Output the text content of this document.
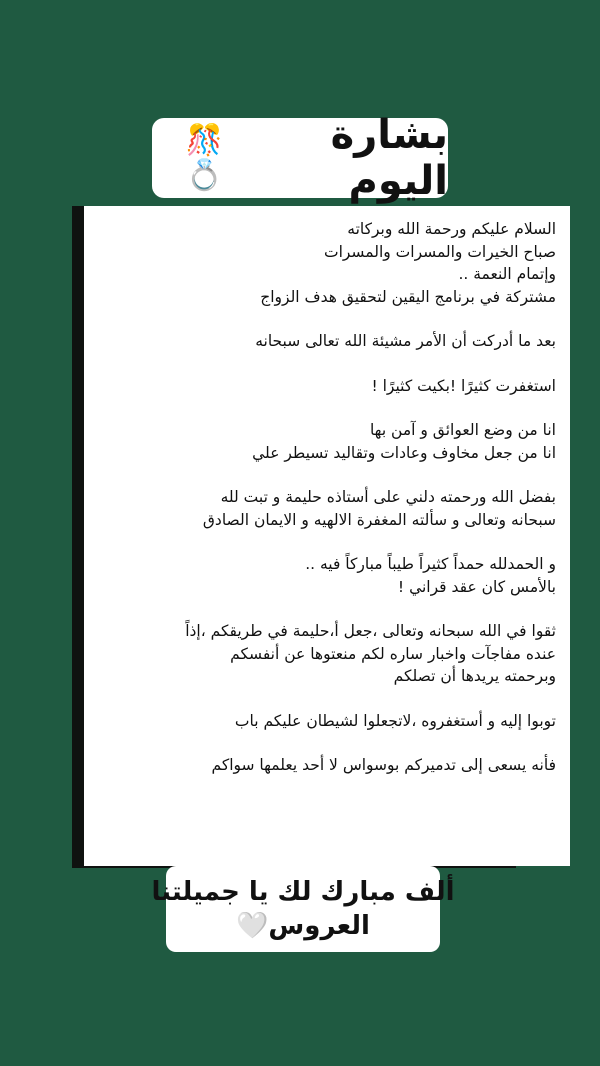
بشارة اليوم
🎊💍
السلام عليكم ورحمة الله وبركاته
صباح الخيرات والمسرات والمسرات
وإتمام النعمة ..
مشتركة في برنامج اليقين لتحقيق هدف الزواج
بعد ما أدركت أن الأمر مشيئة الله تعالى سبحانه
استغفرت كثيرًا !بكيت كثيرًا !
انا من وضع العوائق و آمن بها
انا من جعل مخاوف وعادات وتقاليد تسيطر علي
بفضل الله ورحمته دلني على أستاذه حليمة و تبت لله
سبحانه وتعالى و سألته المغفرة الالهيه و الايمان الصادق
و الحمدلله حمداً كثيراً طيباً مباركاً فيه ..
بالأمس كان عقد قراني !
ثقوا في الله سبحانه وتعالى ،جعل أ،حليمة في طريقكم ،إذاً
عنده مفاجآت واخبار ساره لكم منعتوها عن أنفسكم
وبرحمته يريدها أن تصلكم
توبوا إليه و أستغفروه ،لاتجعلوا لشيطان عليكم باب
فأنه يسعى إلى تدميركم بوسواس لا أحد يعلمها سواكم
ألف مبارك لك يا جميلتنا
العروس🤍
